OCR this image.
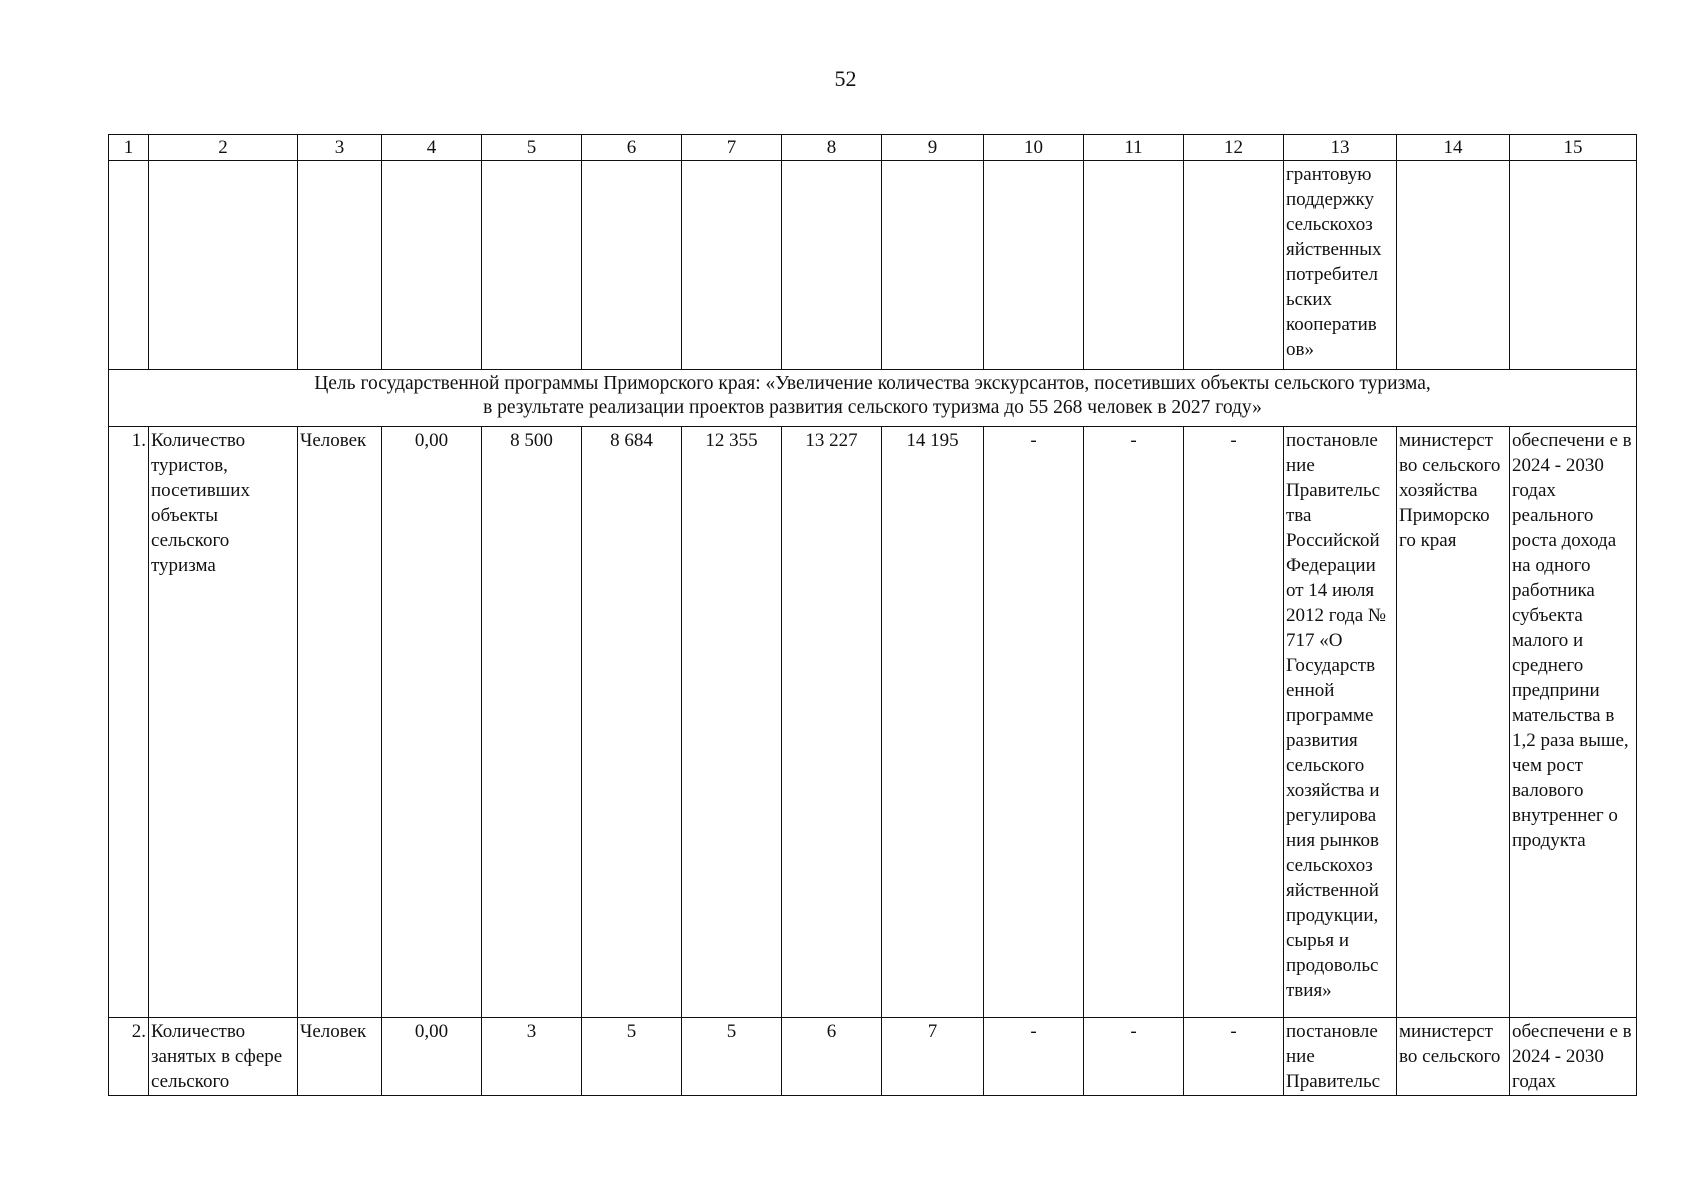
52
1	2	3	4	5	6	7	8	9	10	11	12	13	14	15
												грантовую поддержку сельскохоз яйственных потребител ьских кооператив ов»		

Цель государственной программы Приморского края: «Увеличение количества экскурсантов, посетивших объекты сельского туризма,
в результате реализации проектов развития сельского туризма до 55 268 человек в 2027 году»														

1.	Количество туристов, посетивших объекты сельского туризма	Человек	0,00	8 500	8 684	12 355	13 227	14 195	-	-	-	постановле ние Правительс тва Российской Федерации от 14 июля 2012 года № 717 «О Государств енной программе развития сельского хозяйства и регулирова ния рынков сельскохоз яйственной продукции, сырья и продовольс твия»	министерст во сельского хозяйства Приморско го края	обеспечени е в 2024 - 2030 годах реального роста дохода на одного работника субъекта малого и среднего предприни мательства в 1,2 раза выше, чем рост валового внутреннег о продукта
2.	Количество занятых в сфере сельского	Человек	0,00	3	5	5	6	7	-	-	-	постановле ние Правительс	министерст во сельского	обеспечени е в 2024 - 2030 годах
